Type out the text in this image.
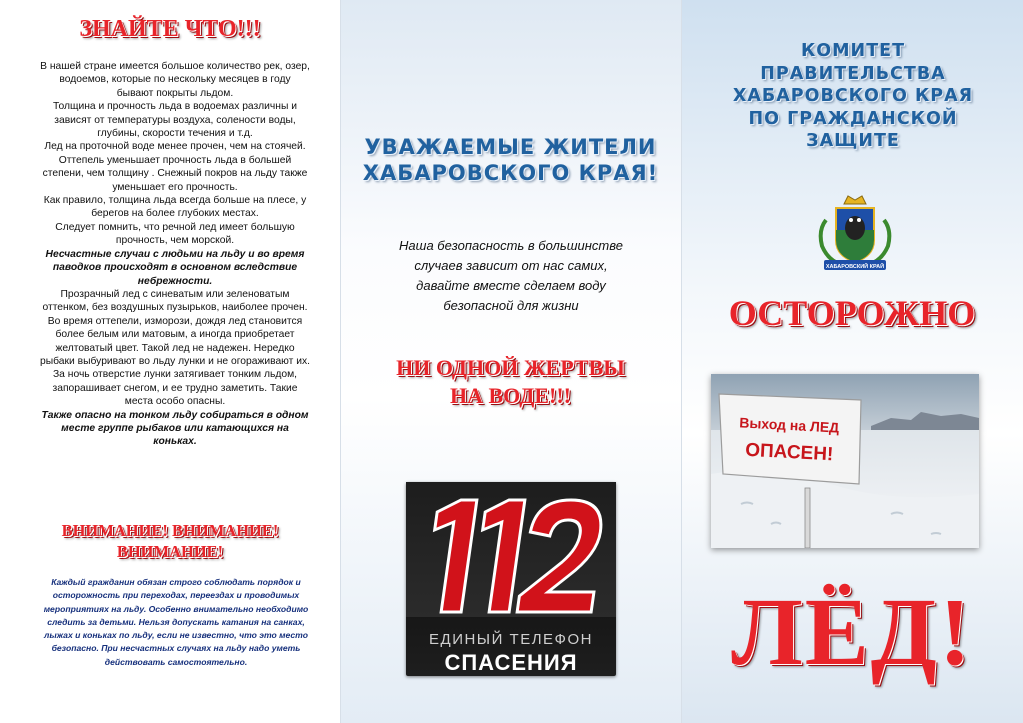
ЗНАЙТЕ ЧТО!!!

В нашей стране имеется большое количество рек, озер, водоемов, которые по нескольку месяцев в году бывают покрыты льдом.

Толщина и прочность льда в водоемах различны и зависят от температуры воздуха, солености воды, глубины, скорости течения и т.д.

Лед на проточной воде менее прочен, чем на стоячей. Оттепель уменьшает прочность льда в большей степени, чем толщину . Снежный покров на льду также уменьшает его прочность.

Как правило, толщина льда всегда больше на плесе, у берегов на более глубоких местах.

Следует помнить, что речной лед имеет большую прочность, чем морской.

Несчастные случаи с людьми на льду и во время паводков происходят в основном вследствие небрежности.

Прозрачный лед с синеватым или зеленоватым оттенком, без воздушных пузырьков, наиболее прочен. Во время оттепели, изморози, дождя лед становится более белым или матовым, а иногда приобретает желтоватый цвет. Такой лед не надежен. Нередко рыбаки выбуривают во льду лунки и не огораживают их. За ночь отверстие лунки затягивает тонким льдом, запорашивает снегом, и ее трудно заметить. Такие места особо опасны.

Также опасно на тонком льду собираться в одном месте группе рыбаков или катающихся на коньках.

ВНИМАНИЕ! ВНИМАНИЕ!
ВНИМАНИЕ!
Каждый гражданин обязан строго соблюдать порядок и осторожность при переходах, переездах и проводимых мероприятиях на льду. Особенно внимательно необходимо следить за детьми. Нельзя допускать катания на санках, лыжах и коньках по льду, если не известно, что это место безопасно. При несчастных случаях на льду надо уметь действовать самостоятельно.
УВАЖАЕМЫЕ ЖИТЕЛИ
ХАБАРОВСКОГО КРАЯ!
Наша безопасность в большинстве
случаев зависит от нас самих,
давайте вместе сделаем воду
безопасной для жизни
НИ ОДНОЙ ЖЕРТВЫ
НА ВОДЕ!!!
ЕДИНЫЙ ТЕЛЕФОН
СПАСЕНИЯ
КОМИТЕТ
ПРАВИТЕЛЬСТВА
ХАБАРОВСКОГО КРАЯ
ПО ГРАЖДАНСКОЙ
ЗАЩИТЕ
ХАБАРОВСКИЙ КРАЙ
ОСТОРОЖНО
Выход на ЛЕД
ОПАСЕН!
ЛЁД!
